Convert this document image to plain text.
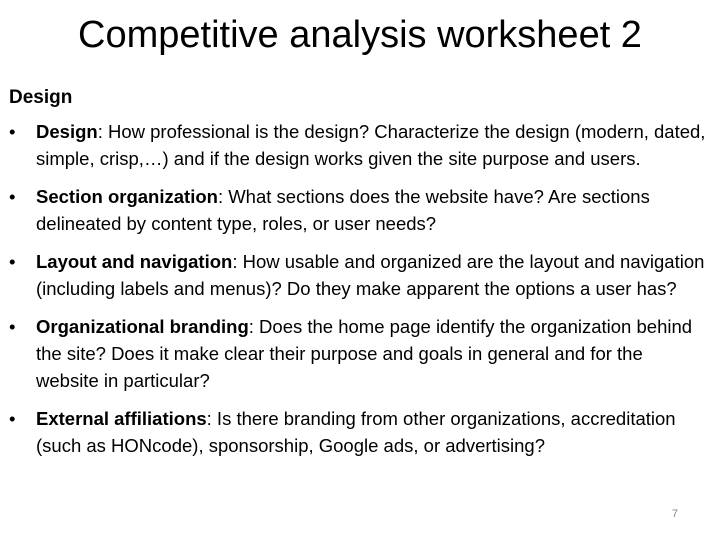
Competitive analysis worksheet 2
Design
•	Design: How professional is the design? Characterize the design (modern, dated, simple, crisp,…) and if the design works given the site purpose and users.
•	Section organization: What sections does the website have? Are sections delineated by content type, roles, or user needs?
•	Layout and navigation: How usable and organized are the layout and navigation (including labels and menus)? Do they make apparent the options a user has?
•	Organizational branding: Does the home page identify the organization behind the site? Does it make clear their purpose and goals in general and for the website in particular?
•	External affiliations: Is there branding from other organizations, accreditation (such as HONcode), sponsorship, Google ads, or advertising?
7
